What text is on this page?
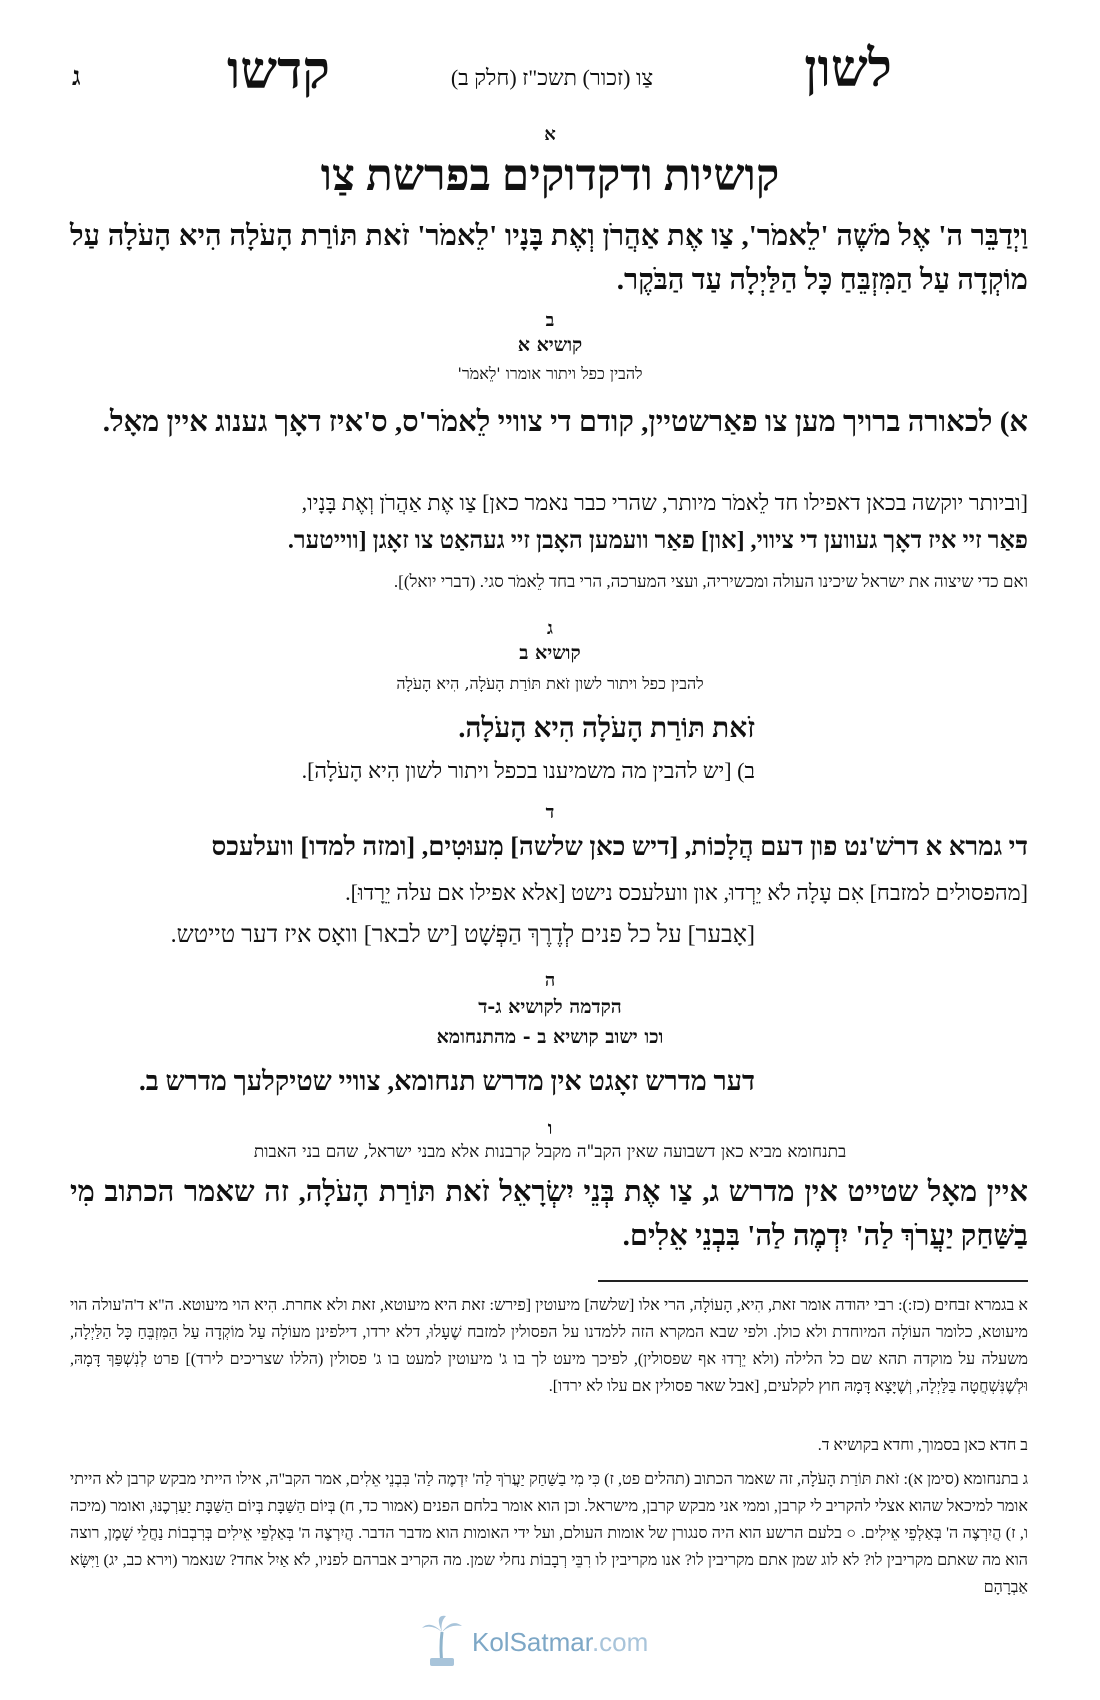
לשון
צַו (זכור) תשכ"ז (חלק ב)
קדשו
ג
א
קושיות ודקדוקים בפרשת צַו
וַיְדַבֵּר ה' אֶל מֹשֶׁה 'לֵאמֹר', צַו אֶת אַהֲרֹן וְאֶת בָּנָיו 'לֵאמֹר' זֹאת תּוֹרַת הָעֹלָה הִיא הָעֹלָה עַל מוֹקְדָה עַל הַמִּזְבֵּחַ כָּל הַלַּיְלָה עַד הַבֹּקֶר.
ב
קושיא א
להבין כפל ויתור אומרו 'לֵאמֹר'
א) לכאורה ברויך מען צו פאַרשטיין, קודם די צוויי לֵאמֹר'ס, ס'איז דאָך גענוג איין מאָל.
[וביותר יוקשה בכאן דאפילו חד לֵאמֹר מיותר, שהרי כבר נאמר כאן] צַו אֶת אַהֲרֹן וְאֶת בָּנָיו,
פאַר זיי איז דאָך געווען די ציווי, [און] פאַר וועמען האָבן זיי געהאַט צו זאָגן [ווייטער.
ואם כדי שיצוה את ישראל שיכינו העולה ומכשיריה, ועצי המערכה, הרי בחד לֵאמֹר סגי. (דברי יואל)].
ג
קושיא ב
להבין כפל ויתור לשון זֹאת תּוֹרַת הָעֹלָה, הִיא הָעֹלָה
זֹאת תּוֹרַת הָעֹלָה הִיא הָעֹלָה.
ב) [יש להבין מה משמיענו בכפל ויתור לשון הִיא הָעֹלָה].
ד
די גמרא א דרשׁ'נט פון דעם הֲלָכוֹת, [דיש כאן שלשה] מִעוּטִים, [ומזה למדו] וועלעכס
[מהפסולים למזבח] אִם עָלָה לֹא יֵרְדוּ, און וועלעכס נישט [אלא אפילו אם עלה יֵרָדוּ].
[אָבער] על כל פנים לְדֶרֶךְ הַפְּשָׁט [יש לבאר] וואָס איז דער טייטש.
ה
הקדמה לקושיא ג-ד
וכו ישוב קושיא ב - מהתנחומא
דער מדרש זאָגט אין מדרש תנחומא, צוויי שטיקלעך מדרש ב.
ו
בתנחומא מביא כאן דשבועה שאין הקב"ה מקבל קרבנות אלא מבני ישראל, שהם בני האבות
איין מאָל שטייט אין מדרש ג, צַו אֶת בְּנֵי יִשְׂרָאֵל זֹאת תּוֹרַת הָעֹלָה, זה שאמר הכתוב מִי בַשַּׁחַק יַעֲרֹךְ לַה' יִדְמֶה לַה' בִּבְנֵי אֵלִים.
א בגמרא זבחים (כז:): רבי יהודה אומר זאת, הִיא, הָעוֹלָה, הרי אלו [שלשה] מיעוטין [פירש: זאת היא מיעוטא, זאת ולא אחרת. הִיא הוי מיעוטא. ה"א ד'ה'עולה הוי מיעוטא, כלומר העוֹלָה המיוחדת ולא כולן. ולפי שבא המקרא הזה ללמדנו על הפסולין למזבח שֶׁעָלוּ, דלא ירדו, דילפינן מעוֹלָה עַל מוֹקְדָה עַל הַמִּזְבֵּחַ כָּל הַלַּיְלָה, משעלה על מוקדה תהא שם כל הלילה (ולא יֵרְדוּ אף שפסולין), לפיכך מיעט לך בו ג' מיעוטין למעט בו ג' פסולין (הללו שצריכים לירד)] פרט לְנִשְׁפַּךְ דָּמָהּ, וּלְשֶׁנִּשְׁחֲטָה בַּלַּיְלָה, וְשֶׁיָּצָא דָּמָהּ חוץ לקלעים, [אבל שאר פסולין אם עלו לא ירדו].
ב חדא כאן בסמוך, וחדא בקושיא ד.
ג בתנחומא (סימן א): זֹאת תּוֹרַת הָעֹלָה, זה שאמר הכתוב (תהלים פט, ז) כִּי מִי בַשַּׁחַק יַעֲרֹךְ לַה' יִדְמֶה לַה' בִּבְנֵי אֵלִים, אמר הקב"ה, אילו הייתי מבקש קרבן לא הייתי אומר למיכאל שהוא אצלי להקריב לי קרבן, וממי אני מבקש קרבן, מישראל. וכן הוא אומר בלחם הפנים (אמור כד, ח) בְּיוֹם הַשַּׁבָּת בְּיוֹם הַשַּׁבָּת יַעַרְכֶנּוּ, ואומר (מיכה ו, ז) הֲיִרְצֶה ה' בְּאַלְפֵי אֵילִים. ○ בלעם הרשע הוא היה סנגורן של אומות העולם, ועל ידי האומות הוא מדבר הדבר. הֲיִרְצֶה ה' בְּאַלְפֵי אֵילִים בְּרִבְבוֹת נַחֲלֵי שָׁמֶן, רוצה הוא מה שאתם מקריבין לו? לא לוג שמן אתם מקריבין לו? אנו מקריבין לו רִבֵּי רְבָבוֹת נחלי שמן. מה הקריב אברהם לפניו, לֹא אַיִל אחד? שנאמר (וירא כב, יג) וַיִּשָּׂא אַבְרָהָם
KolSatmar.com
